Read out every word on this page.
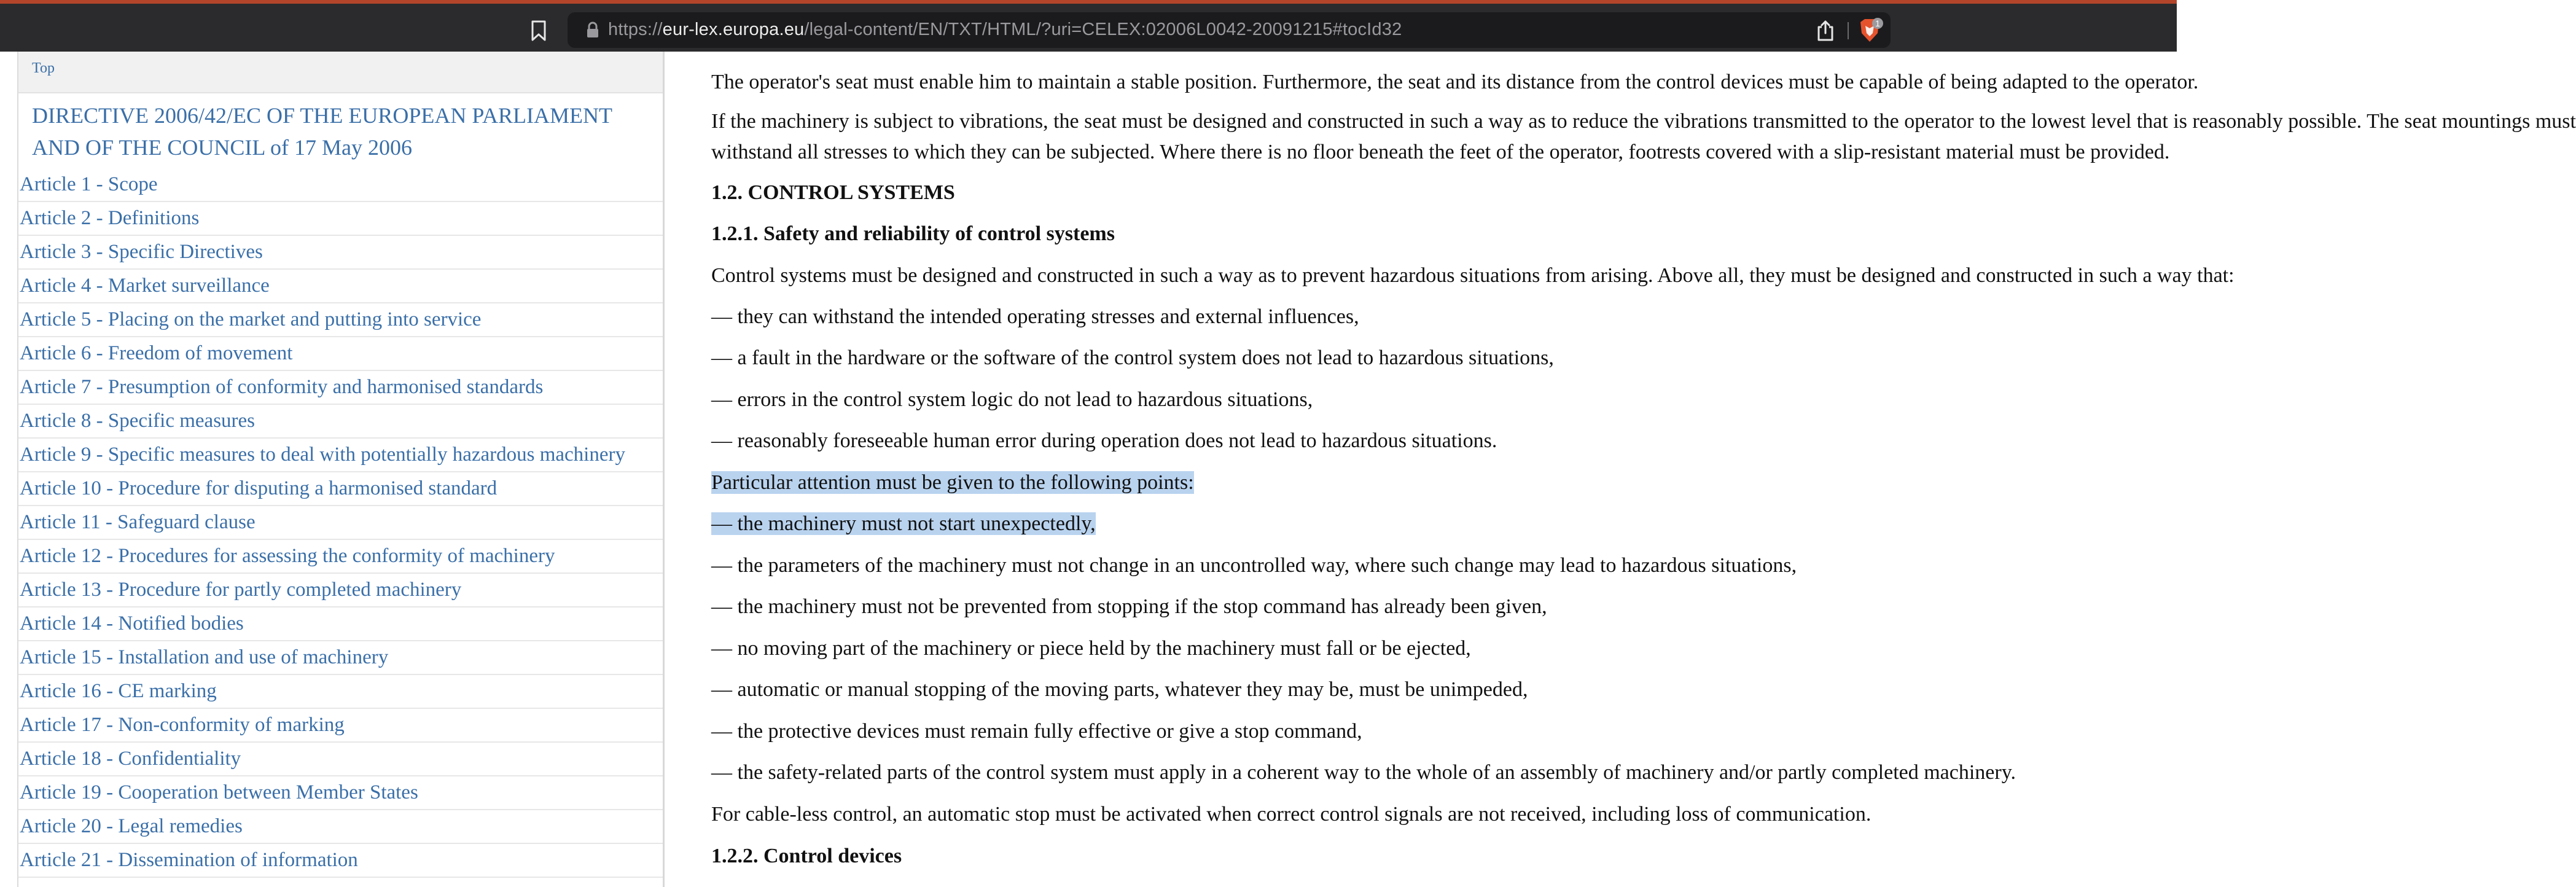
https://eur-lex.europa.eu/legal-content/EN/TXT/HTML/?uri=CELEX:02006L0042-20091215#tocId32	1
Top
DIRECTIVE 2006/42/EC OF THE EUROPEAN PARLIAMENT AND OF THE COUNCIL of 17 May 2006
Article 1 - Scope
Article 2 - Definitions
Article 3 - Specific Directives
Article 4 - Market surveillance
Article 5 - Placing on the market and putting into service
Article 6 - Freedom of movement
Article 7 - Presumption of conformity and harmonised standards
Article 8 - Specific measures
Article 9 - Specific measures to deal with potentially hazardous machinery
Article 10 - Procedure for disputing a harmonised standard
Article 11 - Safeguard clause
Article 12 - Procedures for assessing the conformity of machinery
Article 13 - Procedure for partly completed machinery
Article 14 - Notified bodies
Article 15 - Installation and use of machinery
Article 16 - CE marking
Article 17 - Non-conformity of marking
Article 18 - Confidentiality
Article 19 - Cooperation between Member States
Article 20 - Legal remedies
Article 21 - Dissemination of information

The operator's seat must enable him to maintain a stable position. Furthermore, the seat and its distance from the control devices must be capable of being adapted to the operator.

If the machinery is subject to vibrations, the seat must be designed and constructed in such a way as to reduce the vibrations transmitted to the operator to the lowest level that is reasonably possible. The seat mountings must

withstand all stresses to which they can be subjected. Where there is no floor beneath the feet of the operator, footrests covered with a slip-resistant material must be provided.

1.2. CONTROL SYSTEMS

1.2.1. Safety and reliability of control systems

Control systems must be designed and constructed in such a way as to prevent hazardous situations from arising. Above all, they must be designed and constructed in such a way that:

— they can withstand the intended operating stresses and external influences,

— a fault in the hardware or the software of the control system does not lead to hazardous situations,

— errors in the control system logic do not lead to hazardous situations,

— reasonably foreseeable human error during operation does not lead to hazardous situations.

Particular attention must be given to the following points:

— the machinery must not start unexpectedly,

— the parameters of the machinery must not change in an uncontrolled way, where such change may lead to hazardous situations,

— the machinery must not be prevented from stopping if the stop command has already been given,

— no moving part of the machinery or piece held by the machinery must fall or be ejected,

— automatic or manual stopping of the moving parts, whatever they may be, must be unimpeded,

— the protective devices must remain fully effective or give a stop command,

— the safety-related parts of the control system must apply in a coherent way to the whole of an assembly of machinery and/or partly completed machinery.

For cable-less control, an automatic stop must be activated when correct control signals are not received, including loss of communication.

1.2.2. Control devices
